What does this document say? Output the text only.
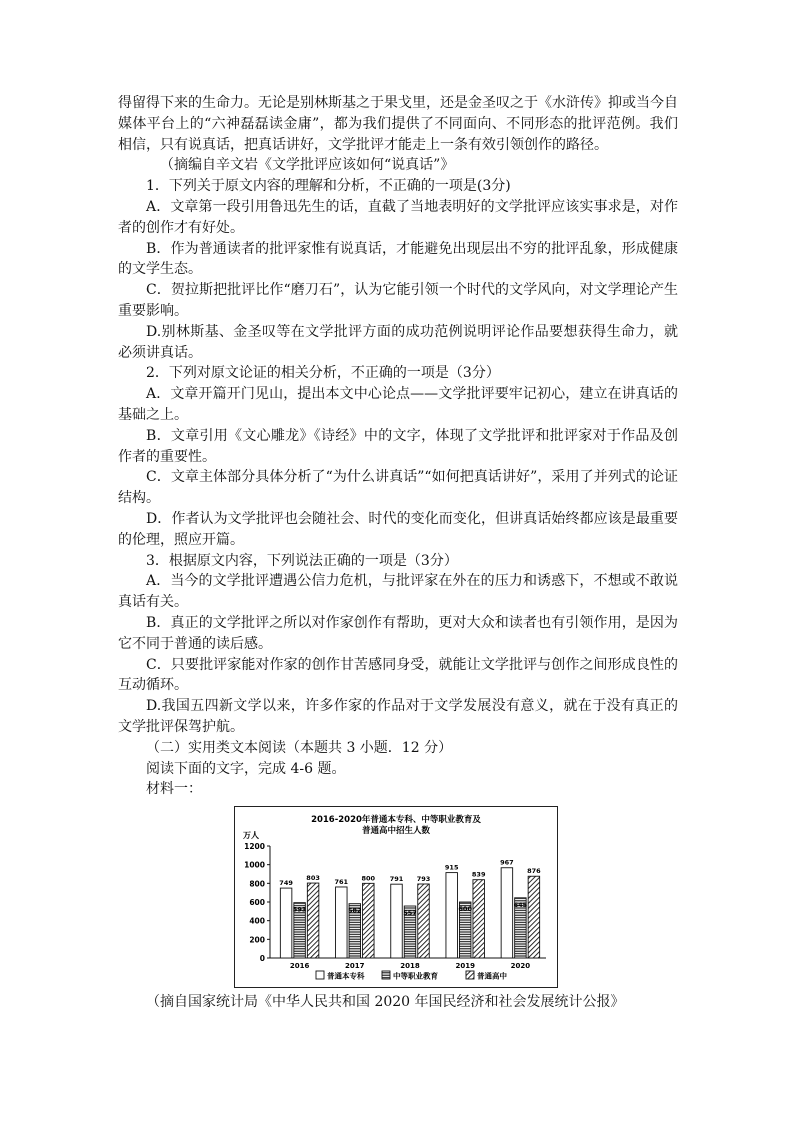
得留得下来的生命力。无论是别林斯基之于果戈里，还是金圣叹之于《水浒传》抑或当今自媒体平台上的“六神磊磊读金庸”，都为我们提供了不同面向、不同形态的批评范例。我们相信，只有说真话，把真话讲好，文学批评才能走上一条有效引领创作的路径。

（摘编自辛文岩《文学批评应该如何“说真话”》

1．下列关于原文内容的理解和分析，不正确的一项是(3分)

A．文章第一段引用鲁迅先生的话，直截了当地表明好的文学批评应该实事求是，对作者的创作才有好处。

B．作为普通读者的批评家惟有说真话，才能避免出现层出不穷的批评乱象，形成健康的文学生态。

C．贺拉斯把批评比作“磨刀石”，认为它能引领一个时代的文学风向，对文学理论产生重要影响。

D.别林斯基、金圣叹等在文学批评方面的成功范例说明评论作品要想获得生命力，就必须讲真话。

2．下列对原文论证的相关分析，不正确的一项是（3分）

A．文章开篇开门见山，提出本文中心论点——文学批评要牢记初心，建立在讲真话的基础之上。

B．文章引用《文心雕龙》《诗经》中的文字，体现了文学批评和批评家对于作品及创作者的重要性。

C．文章主体部分具体分析了“为什么讲真话”“如何把真话讲好”，采用了并列式的论证结构。

D．作者认为文学批评也会随社会、时代的变化而变化，但讲真话始终都应该是最重要的伦理，照应开篇。

3．根据原文内容，下列说法正确的一项是（3分）

A．当今的文学批评遭遇公信力危机，与批评家在外在的压力和诱惑下，不想或不敢说真话有关。

B．真正的文学批评之所以对作家创作有帮助，更对大众和读者也有引领作用，是因为它不同于普通的读后感。

C．只要批评家能对作家的创作甘苦感同身受，就能让文学批评与创作之间形成良性的互动循环。

D.我国五四新文学以来，许多作家的作品对于文学发展没有意义，就在于没有真正的文学批评保驾护航。

（二）实用类文本阅读（本题共 3 小题．12 分）

阅读下面的文字，完成 4-6 题。

材料一：

2016-2020年普通本专科、中等职业教育及
普通高中招生人数
万人
0
200
400
600
800
1000
1200
749
593
803
2016
761
582
800
2017
791
557
793
2018
915
600
839
2019
967
645
876
2020
普通本专科	中等职业教育	普通高中
（摘自国家统计局《中华人民共和国 2020 年国民经济和社会发展统计公报》
